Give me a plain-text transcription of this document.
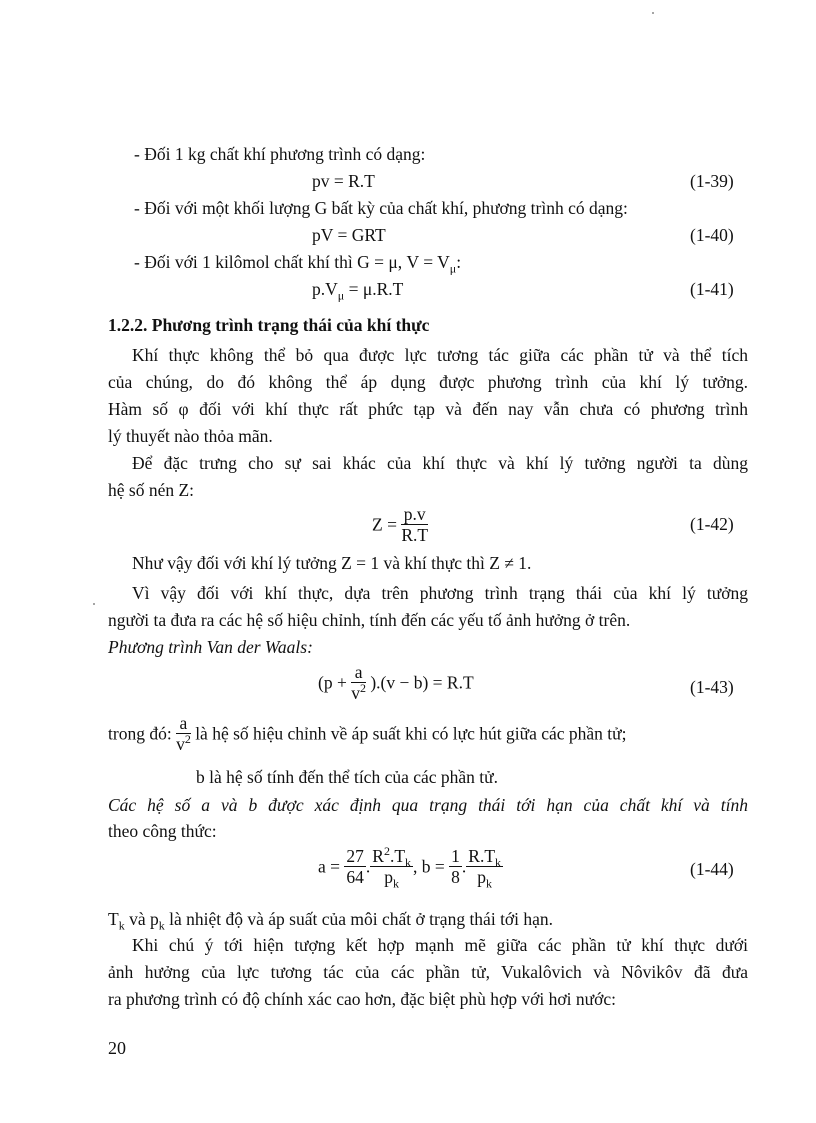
- Đối 1 kg chất khí phương trình có dạng:
pv = R.T	(1-39)
- Đối với một khối lượng G bất kỳ của chất khí, phương trình có dạng:
pV = GRT	(1-40)
- Đối với 1 kilômol chất khí thì G = μ, $V = V_\mu$:
$p.V_\mu = \mu.R.T$	(1-41)
1.2.2. Phương trình trạng thái của khí thực
Khí thực không thể bỏ qua được lực tương tác giữa các phần tử và thể tích
của chúng, do đó không thể áp dụng được phương trình của khí lý tưởng.
Hàm số φ đối với khí thực rất phức tạp và đến nay vẫn chưa có phương trình
lý thuyết nào thỏa mãn.
Để đặc trưng cho sự sai khác của khí thực và khí lý tưởng người ta dùng
hệ số nén Z:
$Z = \frac{p.v}{R.T}$	(1-42)
Như vậy đối với khí lý tưởng Z = 1 và khí thực thì Z ≠ 1.
Vì vậy đối với khí thực, dựa trên phương trình trạng thái của khí lý tưởng
người ta đưa ra các hệ số hiệu chỉnh, tính đến các yếu tố ảnh hưởng ở trên.
Phương trình Van der Waals:
$(p + \frac{a}{v^2} ).(v - b) = R.T$	(1-43)
trong đó: $\frac{a}{v^2}$ là hệ số hiệu chỉnh về áp suất khi có lực hút giữa các phần tử;
b là hệ số tính đến thể tích của các phần tử.
Các hệ số a và b được xác định qua trạng thái tới hạn của chất khí và tính
theo công thức:
$a = \frac{27}{64}$ . $\frac{R^2.T_k}{p_k}$ , $b = \frac{1}{8}$ . $\frac{R.T_k}{p_k}$	(1-44)
$T_k$ và $p_k$ là nhiệt độ và áp suất của môi chất ở trạng thái tới hạn.
Khi chú ý tới hiện tượng kết hợp mạnh mẽ giữa các phần tử khí thực dưới
ảnh hưởng của lực tương tác của các phần tử, Vukalôvich và Nôvikôv đã đưa
ra phương trình có độ chính xác cao hơn, đặc biệt phù hợp với hơi nước:
20
